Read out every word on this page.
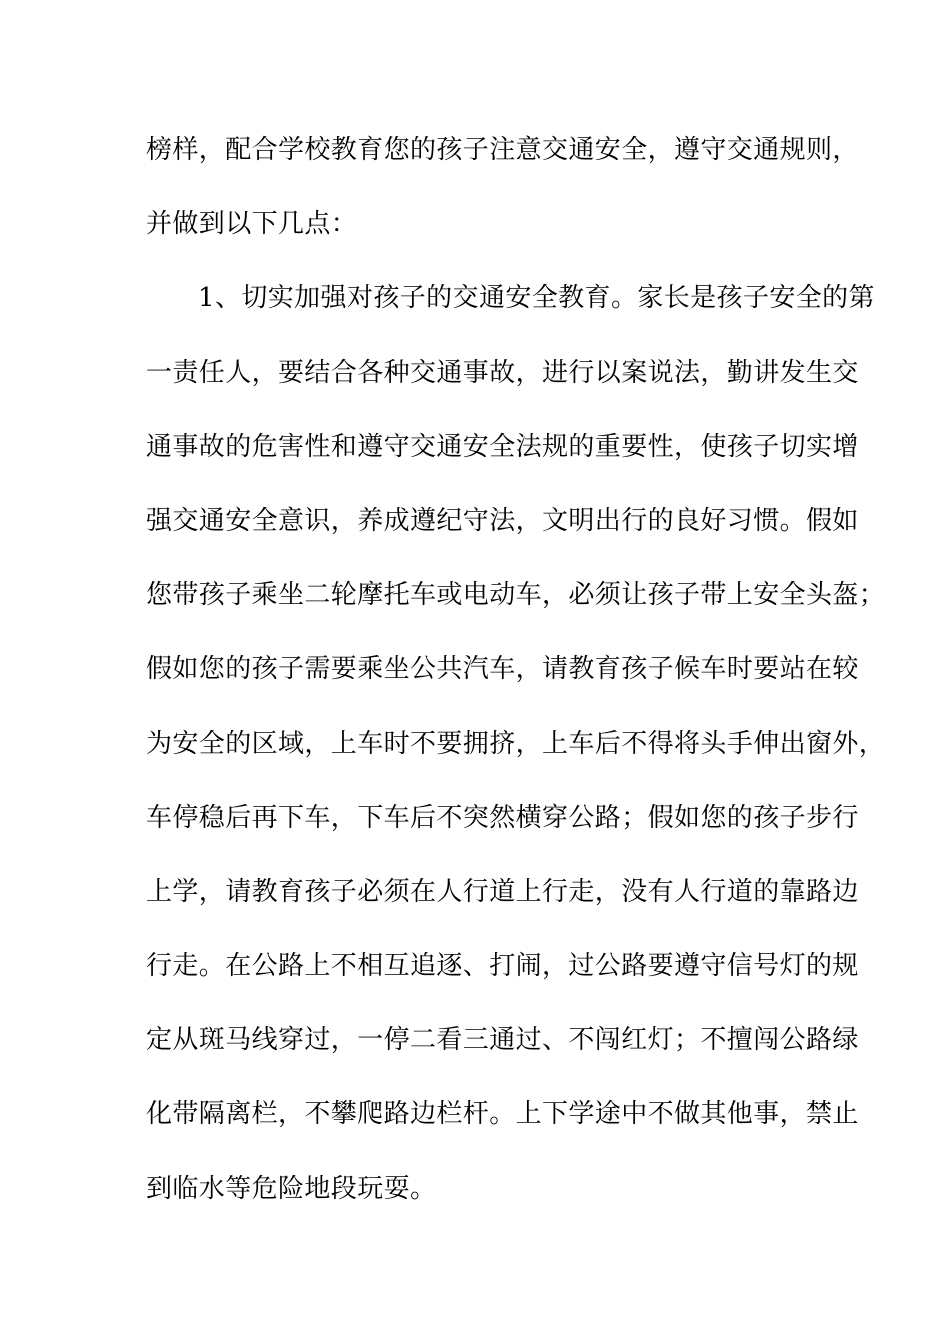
榜样，配合学校教育您的孩子注意交通安全，遵守交通规则，
并做到以下几点：
1、切实加强对孩子的交通安全教育。家长是孩子安全的第
一责任人，要结合各种交通事故，进行以案说法，勤讲发生交
通事故的危害性和遵守交通安全法规的重要性，使孩子切实增
强交通安全意识，养成遵纪守法，文明出行的良好习惯。假如
您带孩子乘坐二轮摩托车或电动车，必须让孩子带上安全头盔；
假如您的孩子需要乘坐公共汽车，请教育孩子候车时要站在较
为安全的区域，上车时不要拥挤，上车后不得将头手伸出窗外，
车停稳后再下车，下车后不突然横穿公路；假如您的孩子步行
上学，请教育孩子必须在人行道上行走，没有人行道的靠路边
行走。在公路上不相互追逐、打闹，过公路要遵守信号灯的规
定从斑马线穿过，一停二看三通过、不闯红灯；不擅闯公路绿
化带隔离栏，不攀爬路边栏杆。上下学途中不做其他事，禁止
到临水等危险地段玩耍。
